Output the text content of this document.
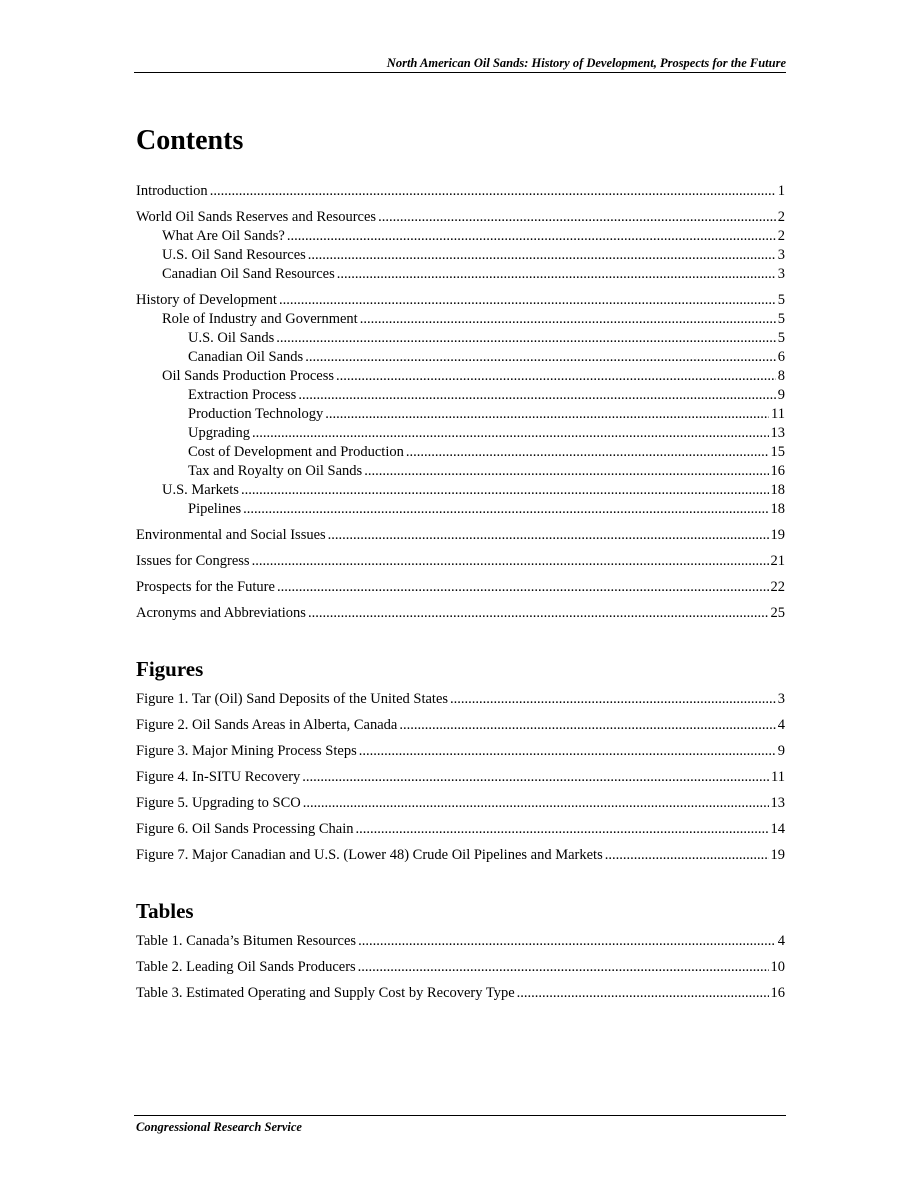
North American Oil Sands: History of Development, Prospects for the Future
Contents
Introduction .....	1
World Oil Sands Reserves and Resources .....	2
What Are Oil Sands? .....	2
U.S. Oil Sand Resources .....	3
Canadian Oil Sand Resources .....	3
History of Development .....	5
Role of Industry and Government .....	5
U.S. Oil Sands .....	5
Canadian Oil Sands .....	6
Oil Sands Production Process .....	8
Extraction Process .....	9
Production Technology .....	11
Upgrading .....	13
Cost of Development and Production .....	15
Tax and Royalty on Oil Sands .....	16
U.S. Markets .....	18
Pipelines .....	18
Environmental and Social Issues .....	19
Issues for Congress .....	21
Prospects for the Future .....	22
Acronyms and Abbreviations .....	25
Figures
Figure 1. Tar (Oil) Sand Deposits of the United States .....	3
Figure 2. Oil Sands Areas in Alberta, Canada .....	4
Figure 3. Major Mining Process Steps .....	9
Figure 4. In-SITU Recovery .....	11
Figure 5. Upgrading to SCO .....	13
Figure 6. Oil Sands Processing Chain .....	14
Figure 7. Major Canadian and U.S. (Lower 48) Crude Oil Pipelines and Markets .....	19
Tables
Table 1. Canada’s Bitumen Resources .....	4
Table 2. Leading Oil Sands Producers .....	10
Table 3. Estimated Operating and Supply Cost by Recovery Type .....	16
Congressional Research Service
